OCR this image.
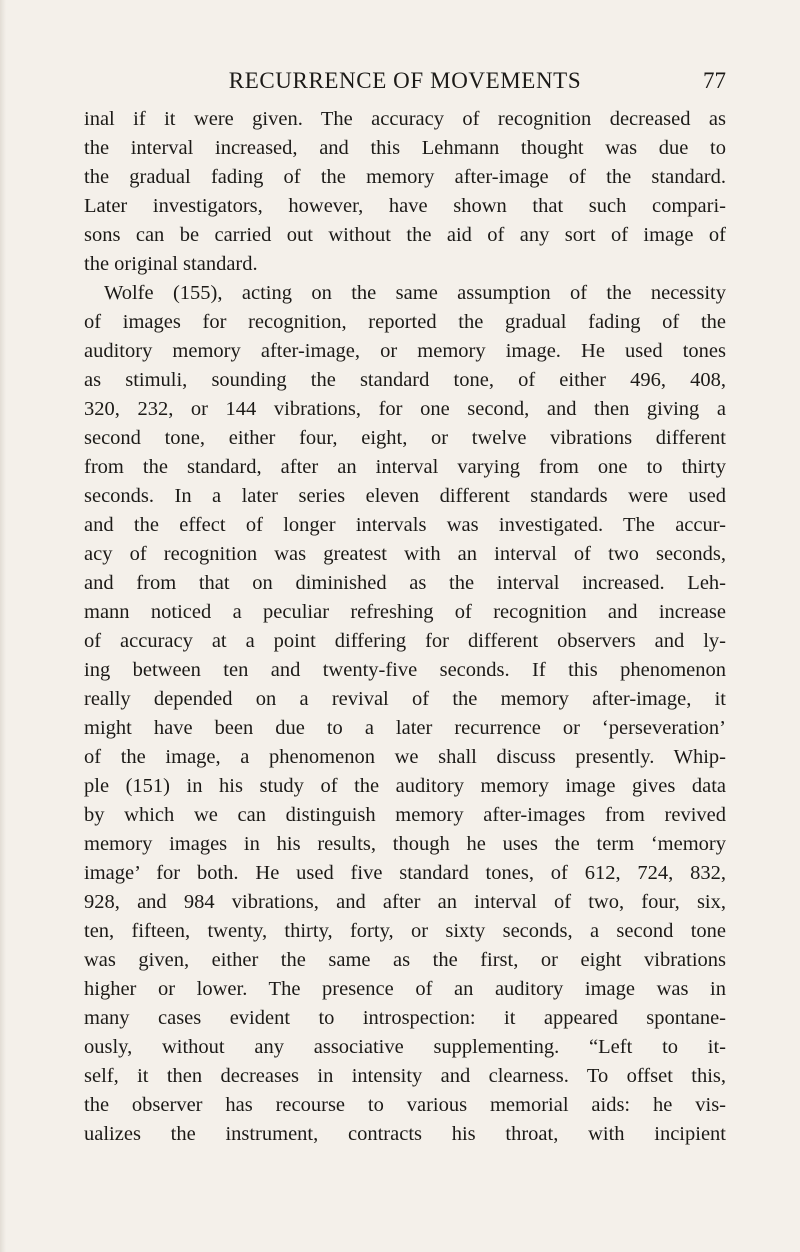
RECURRENCE OF MOVEMENTS	77
inal if it were given. The accuracy of recognition decreased as
the interval increased, and this Lehmann thought was due to
the gradual fading of the memory after-image of the standard.
Later investigators, however, have shown that such compari-
sons can be carried out without the aid of any sort of image of
the original standard.
Wolfe (155), acting on the same assumption of the necessity
of images for recognition, reported the gradual fading of the
auditory memory after-image, or memory image. He used tones
as stimuli, sounding the standard tone, of either 496, 408,
320, 232, or 144 vibrations, for one second, and then giving a
second tone, either four, eight, or twelve vibrations different
from the standard, after an interval varying from one to thirty
seconds. In a later series eleven different standards were used
and the effect of longer intervals was investigated. The accur-
acy of recognition was greatest with an interval of two seconds,
and from that on diminished as the interval increased. Leh-
mann noticed a peculiar refreshing of recognition and increase
of accuracy at a point differing for different observers and ly-
ing between ten and twenty-five seconds. If this phenomenon
really depended on a revival of the memory after-image, it
might have been due to a later recurrence or ‘perseveration’
of the image, a phenomenon we shall discuss presently. Whip-
ple (151) in his study of the auditory memory image gives data
by which we can distinguish memory after-images from revived
memory images in his results, though he uses the term ‘memory
image’ for both. He used five standard tones, of 612, 724, 832,
928, and 984 vibrations, and after an interval of two, four, six,
ten, fifteen, twenty, thirty, forty, or sixty seconds, a second tone
was given, either the same as the first, or eight vibrations
higher or lower. The presence of an auditory image was in
many cases evident to introspection: it appeared spontane-
ously, without any associative supplementing. “Left to it-
self, it then decreases in intensity and clearness. To offset this,
the observer has recourse to various memorial aids: he vis-
ualizes the instrument, contracts his throat, with incipient
